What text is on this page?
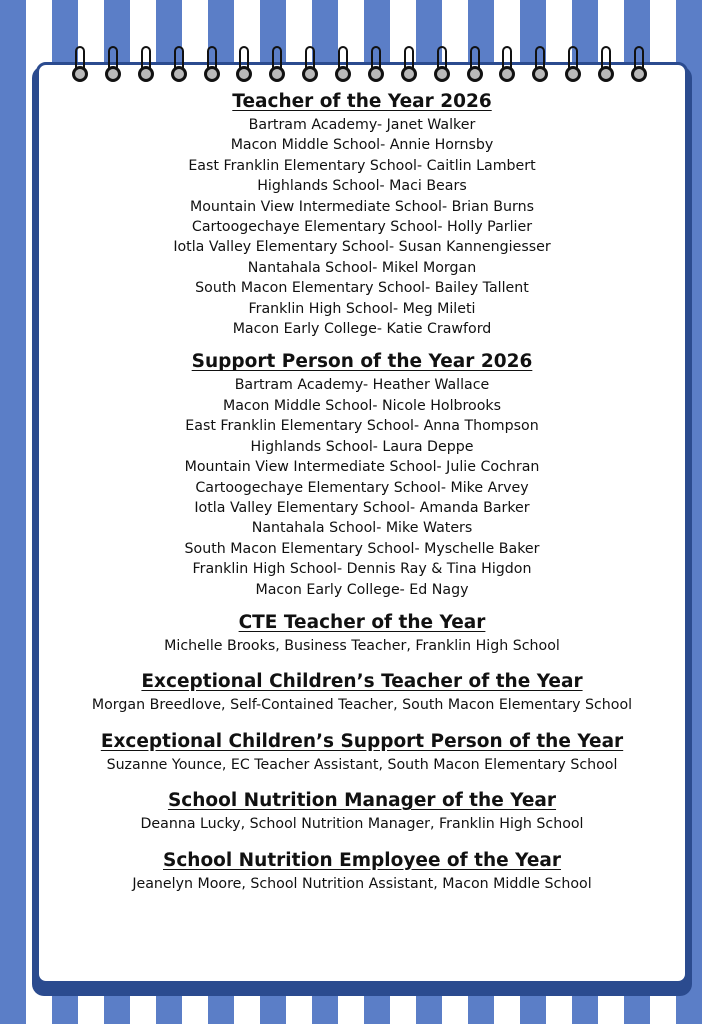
Teacher of the Year 2026
Bartram Academy- Janet Walker
Macon Middle School- Annie Hornsby
East Franklin Elementary School- Caitlin Lambert
Highlands School- Maci Bears
Mountain View Intermediate School- Brian Burns
Cartoogechaye Elementary School- Holly Parlier
Iotla Valley Elementary School- Susan Kannengiesser
Nantahala School- Mikel Morgan
South Macon Elementary School- Bailey Tallent
Franklin High School- Meg Mileti
Macon Early College- Katie Crawford
Support Person of the Year 2026
Bartram Academy- Heather Wallace
Macon Middle School- Nicole Holbrooks
East Franklin Elementary School- Anna Thompson
Highlands School- Laura Deppe
Mountain View Intermediate School- Julie Cochran
Cartoogechaye Elementary School- Mike Arvey
Iotla Valley Elementary School- Amanda Barker
Nantahala School- Mike Waters
South Macon Elementary School- Myschelle Baker
Franklin High School- Dennis Ray & Tina Higdon
Macon Early College- Ed Nagy
CTE Teacher of the Year
Michelle Brooks, Business Teacher, Franklin High School
Exceptional Children’s Teacher of the Year
Morgan Breedlove, Self-Contained Teacher, South Macon Elementary School
Exceptional Children’s Support Person of the Year
Suzanne Younce, EC Teacher Assistant, South Macon Elementary School
School Nutrition Manager of the Year
Deanna Lucky, School Nutrition Manager, Franklin High School
School Nutrition Employee of the Year
Jeanelyn Moore, School Nutrition Assistant, Macon Middle School
